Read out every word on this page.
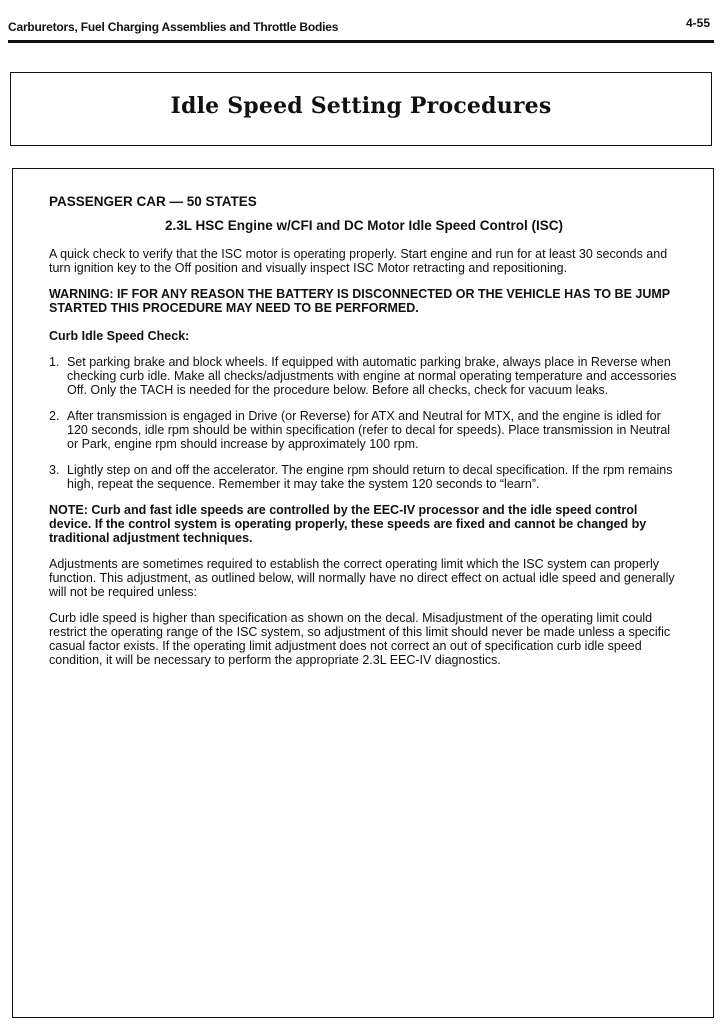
Carburetors, Fuel Charging Assemblies and Throttle Bodies	4-55
Idle Speed Setting Procedures
PASSENGER CAR — 50 STATES
2.3L HSC Engine w/CFI and DC Motor Idle Speed Control (ISC)

A quick check to verify that the ISC motor is operating properly. Start engine and run for at least 30 seconds and turn ignition key to the Off position and visually inspect ISC Motor retracting and repositioning.

WARNING: IF FOR ANY REASON THE BATTERY IS DISCONNECTED OR THE VEHICLE HAS TO BE JUMP STARTED THIS PROCEDURE MAY NEED TO BE PERFORMED.

Curb Idle Speed Check:
1. Set parking brake and block wheels. If equipped with automatic parking brake, always place in Reverse when checking curb idle. Make all checks/adjustments with engine at normal operating temperature and accessories Off. Only the TACH is needed for the procedure below. Before all checks, check for vacuum leaks.
2. After transmission is engaged in Drive (or Reverse) for ATX and Neutral for MTX, and the engine is idled for 120 seconds, idle rpm should be within specification (refer to decal for speeds). Place transmission in Neutral or Park, engine rpm should increase by approximately 100 rpm.
3. Lightly step on and off the accelerator. The engine rpm should return to decal specification. If the rpm remains high, repeat the sequence. Remember it may take the system 120 seconds to “learn”.

NOTE: Curb and fast idle speeds are controlled by the EEC-IV processor and the idle speed control device. If the control system is operating properly, these speeds are fixed and cannot be changed by traditional adjustment techniques.

Adjustments are sometimes required to establish the correct operating limit which the ISC system can properly function. This adjustment, as outlined below, will normally have no direct effect on actual idle speed and generally will not be required unless:

Curb idle speed is higher than specification as shown on the decal. Misadjustment of the operating limit could restrict the operating range of the ISC system, so adjustment of this limit should never be made unless a specific casual factor exists. If the operating limit adjustment does not correct an out of specification curb idle speed condition, it will be necessary to perform the appropriate 2.3L EEC-IV diagnostics.
